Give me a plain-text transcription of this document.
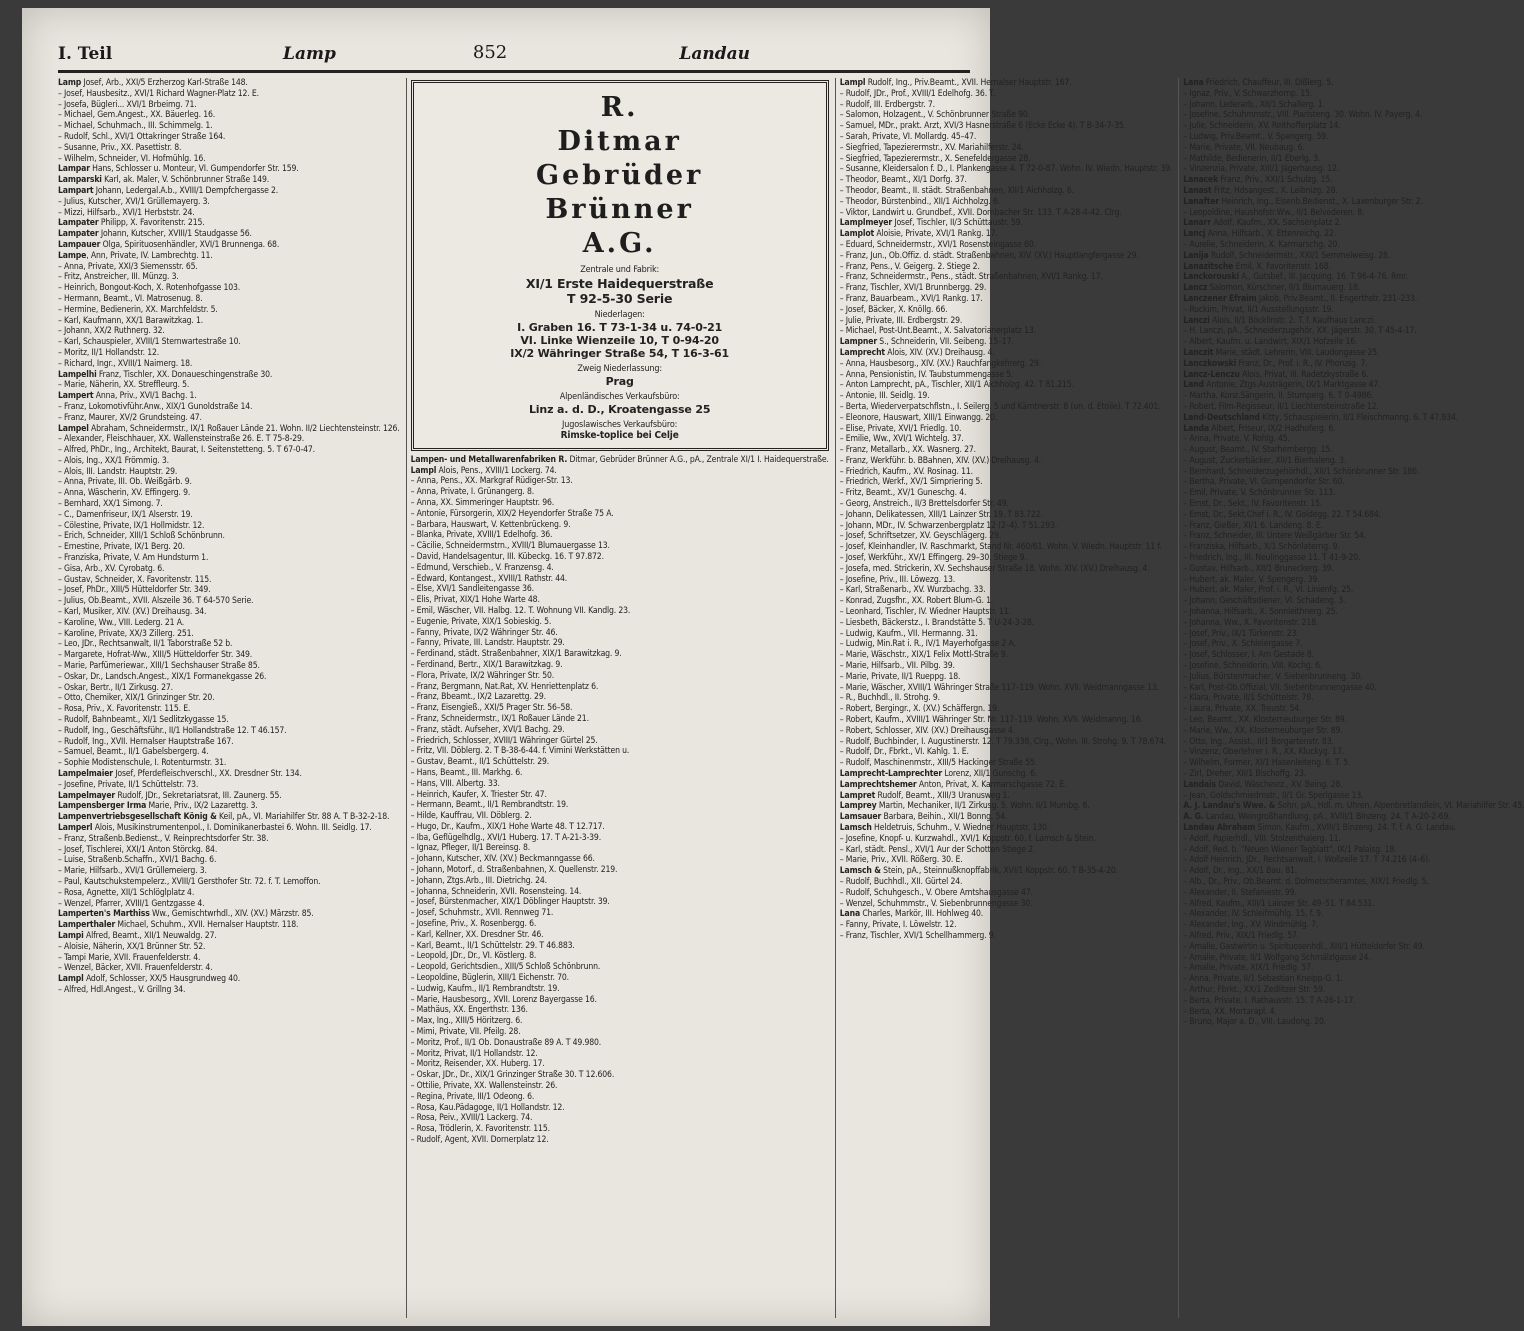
I. Teil	Lamp	852	Landau

Lamp Josef, Arb., XXI/5 Erzherzog Karl-Straße 148.

– Josef, Hausbesitz., XVI/1 Richard Wagner-Platz 12. E.

– Josefa, Bügleri... XVI/1 Brbeimg. 71.

– Michael, Gem.Angest., XX. Bäuerleg. 16.

– Michael, Schuhmach., III. Schimmelg. 1.

– Rudolf, Schl., XVI/1 Ottakringer Straße 164.

– Susanne, Priv., XX. Pasettistr. 8.

– Wilhelm, Schneider, VI. Hofmühlg. 16.

Lampar Hans, Schlosser u. Monteur, VI. Gumpendorfer Str. 159.

Lamparski Karl, ak. Maler, V. Schönbrunner Straße 149.

Lampart Johann, Ledergal.A.b., XVIII/1 Dempfchergasse 2.

– Julius, Kutscher, XVI/1 Grüllemayerg. 3.

– Mizzi, Hilfsarb., XVI/1 Herbststr. 24.

Lampater Philipp, X. Favoritenstr. 215.

Lampater Johann, Kutscher, XVIII/1 Staudgasse 56.

Lampauer Olga, Spirituosenhändler, XVI/1 Brunnenga. 68.

Lampe, Ann, Private, IV. Lambrechtg. 11.

– Anna, Private, XXI/3 Siemensstr. 65.

– Fritz, Anstreicher, III. Münzg. 3.

– Heinrich, Bongout-Koch, X. Rotenhofgasse 103.

– Hermann, Beamt., VI. Matrosenug. 8.

– Hermine, Bedienerin, XX. Marchfeldstr. 5.

– Karl, Kaufmann, XX/1 Barawitzkag. 1.

– Johann, XX/2 Ruthnerg. 32.

– Karl, Schauspieler, XVIII/1 Sternwartestraße 10.

– Moritz, II/1 Hollandstr. 12.

– Richard, Ingr., XVIII/1 Naimerg. 18.

Lampelhi Franz, Tischler, XX. Donaueschingenstraße 30.

– Marie, Näherin, XX. Streffleurg. 5.

Lampert Anna, Priv., XVI/1 Bachg. 1.

– Franz, Lokomotivführ.Anw., XIX/1 Gunoldstraße 14.

– Franz, Maurer, XV/2 Grundsteing. 47.

Lampel Abraham, Schneidermstr., IX/1 Roßauer Lände 21. Wohn. II/2 Liechtensteinstr. 126.

– Alexander, Fleischhauer, XX. Wallensteinstraße 26. E. T 75-8-29.

– Alfred, PhDr., Ing., Architekt, Baurat, I. Seitenstetteng. 5. T 67-0-47.

– Alois, Ing., XX/1 Frömmig. 3.

– Alois, III. Landstr. Hauptstr. 29.

– Anna, Private, III. Ob. Weißgärb. 9.

– Anna, Wäscherin, XV. Effingerg. 9.

– Bernhard, XX/1 Simong. 7.

– C., Damenfriseur, IX/1 Alserstr. 19.

– Cölestine, Private, IX/1 Hollmidstr. 12.

– Erich, Schneider, XIII/1 Schloß Schönbrunn.

– Ernestine, Private, IX/1 Berg. 20.

– Franziska, Private, V. Am Hundsturm 1.

– Gisa, Arb., XV. Cyrobatg. 6.

– Gustav, Schneider, X. Favoritenstr. 115.

– Josef, PhDr., XIII/5 Hütteldorfer Str. 349.

– Julius, Ob.Beamt., XVII. Alszeile 36. T 64-570 Serie.

– Karl, Musiker, XIV. (XV.) Dreihausg. 34.

– Karoline, Ww., VIII. Lederg. 21 A.

– Karoline, Private, XX/3 Zillerg. 251.

– Leo, JDr., Rechtsanwalt, II/1 Taborstraße 52 b.

– Margarete, Hofrat-Ww., XIII/5 Hütteldorfer Str. 349.

– Marie, Parfümeriewar., XIII/1 Sechshauser Straße 85.

– Oskar, Dr., Landsch.Angest., XIX/1 Formanekgasse 26.

– Oskar, Bertr., II/1 Zirkusg. 27.

– Otto, Chemiker, XIX/1 Grinzinger Str. 20.

– Rosa, Priv., X. Favoritenstr. 115. E.

– Rudolf, Bahnbeamt., XI/1 Sedlitzkygasse 15.

– Rudolf, Ing., Geschäftsführ., II/1 Hollandstraße 12. T 46.157.

– Rudolf, Ing., XVII. Hernalser Hauptstraße 167.

– Samuel, Beamt., II/1 Gabelsbergerg. 4.

– Sophie Modistenschule, I. Rotenturmstr. 31.

Lampelmaier Josef, Pferdefleischverschl., XX. Dresdner Str. 134.

– Josefine, Private, II/1 Schüttelstr. 73.

Lampelmayer Rudolf, JDr., Sekretariatsrat, III. Zaunerg. 55.

Lampensberger Irma Marie, Priv., IX/2 Lazarettg. 3.

Lampenvertriebsgesellschaft König & Keil, pA., VI. Mariahilfer Str. 88 A. T B-32-2-18.

Lamperl Alois, Musikinstrumentenpol., I. Dominikanerbastei 6. Wohn. III. Seidlg. 17.

– Franz, Straßenb.Bedienst., V. Reinprechtsdorfer Str. 38.

– Josef, Tischlerei, XXI/1 Anton Störckg. 84.

– Luise, Straßenb.Schaffn., XVI/1 Bachg. 6.

– Marie, Hilfsarb., XVI/1 Grüllemeierg. 3.

– Paul, Kautschukstempelerz., XVIII/1 Gersthofer Str. 72. f. T. Lemoffon.

– Rosa, Agnette, XII/1 Schlöglplatz 4.

– Wenzel, Pfarrer, XVIII/1 Gentzgasse 4.

Lamperten's Marthiss Ww., Gemischtwrhdl., XIV. (XV.) Märzstr. 85.

Lamperthaler Michael, Schuhm., XVII. Hernalser Hauptstr. 118.

Lampi Alfred, Beamt., XII/1 Neuwaldg. 27.

– Aloisie, Näherin, XX/1 Brünner Str. 52.

– Tampi Marie, XVII. Frauenfelderstr. 4.

– Wenzel, Bäcker, XVII. Frauenfelderstr. 4.

Lampl Adolf, Schlosser, XX/5 Hausgrundweg 40.

– Alfred, Hdl.Angest., V. Grillng 34.

R.
Ditmar
Gebrüder
Brünner
A.G.
Zentrale und Fabrik:
XI/1 Erste Haidequerstraße
T 92-5-30 Serie
Niederlagen:
I. Graben 16. T 73-1-34 u. 74-0-21
VI. Linke Wienzeile 10, T 0-94-20
IX/2 Währinger Straße 54, T 16-3-61
Zweig Niederlassung:
Prag
Alpenländisches Verkaufsbüro:
Linz a. d. D., Kroatengasse 25
Jugoslawisches Verkaufsbüro:
Rimske-toplice bei Celje

Lampen- und Metallwarenfabriken R. Ditmar, Gebrüder Brünner A.G., pA., Zentrale XI/1 I. Haidequerstraße.

Lampl Alois, Pens., XVIII/1 Lockerg. 74.

– Anna, Pens., XX. Markgraf Rüdiger-Str. 13.

– Anna, Private, I. Grünangerg. 8.

– Anna, XX. Simmeringer Hauptstr. 96.

– Antonie, Fürsorgerin, XIX/2 Heyendorfer Straße 75 A.

– Barbara, Hauswart, V. Kettenbrückeng. 9.

– Blanka, Private, XVIII/1 Edelhofg. 36.

– Cäcilie, Schneidermstrn., XVIII/1 Blumauergasse 13.

– David, Handelsagentur, III. Kübeckg. 16. T 97.872.

– Edmund, Verschieb., V. Franzensg. 4.

– Edward, Kontangest., XVIII/1 Rathstr. 44.

– Else, XVI/1 Sandleitengasse 36.

– Elis, Privat, XIX/1 Hohe Warte 48.

– Emil, Wäscher, VII. Halbg. 12. T. Wohnung VII. Kandlg. 23.

– Eugenie, Private, XIX/1 Sobieskig. 5.

– Fanny, Private, IX/2 Währinger Str. 46.

– Fanny, Private, III. Landstr. Hauptstr. 29.

– Ferdinand, städt. Straßenbahner, XIX/1 Barawitzkag. 9.

– Ferdinand, Bertr., XIX/1 Barawitzkag. 9.

– Flora, Private, IX/2 Währinger Str. 50.

– Franz, Bergmann, Nat.Rat, XV. Henriettenplatz 6.

– Franz, Bbeamt., IX/2 Lazarettg. 29.

– Franz, Eisengieß., XXI/5 Prager Str. 56–58.

– Franz, Schneidermstr., IX/1 Roßauer Lände 21.

– Franz, städt. Aufseher, XVI/1 Bachg. 29.

– Friedrich, Schlosser, XVIII/1 Währinger Gürtel 25.

– Fritz, VII. Döblerg. 2. T B-38-6-44. f. Vimini Werkstätten u.

– Gustav, Beamt., II/1 Schüttelstr. 29.

– Hans, Beamt., III. Markhg. 6.

– Hans, VIII. Albertg. 33.

– Heinrich, Kaufer, X. Triester Str. 47.

– Hermann, Beamt., II/1 Rembrandtstr. 19.

– Hilde, Kauffrau, VII. Döblerg. 2.

– Hugo, Dr., Kaufm., XIX/1 Hohe Warte 48. T 12.717.

– Iba, Geflügelhdlg., XVI/1 Huberg. 17. T A-21-3-39.

– Ignaz, Pfleger, II/1 Bereinsg. 8.

– Johann, Kutscher, XIV. (XV.) Beckmanngasse 66.

– Johann, Motorf., d. Straßenbahnen, X. Quellenstr. 219.

– Johann, Ztgs.Arb., III. Dietrichg. 24.

– Johanna, Schneiderin, XVII. Rosensteing. 14.

– Josef, Bürstenmacher, XIX/1 Döblinger Hauptstr. 39.

– Josef, Schuhmstr., XVII. Rennweg 71.

– Josefine, Priv., X. Rosenbergg. 6.

– Karl, Kellner, XX. Dresdner Str. 46.

– Karl, Beamt., II/1 Schüttelstr. 29. T 46.883.

– Leopold, JDr., Dr., VI. Köstlerg. 8.

– Leopold, Gerichtsdien., XIII/5 Schloß Schönbrunn.

– Leopoldine, Büglerin, XIII/1 Eichenstr. 70.

– Ludwig, Kaufm., II/1 Rembrandtstr. 19.

– Marie, Hausbesorg., XVII. Lorenz Bayergasse 16.

– Mathäus, XX. Engerthstr. 136.

– Max, Ing., XIII/5 Höritzerg. 6.

– Mimi, Private, VII. Pfeilg. 28.

– Moritz, Prof., II/1 Ob. Donaustraße 89 A. T 49.980.

– Moritz, Privat, II/1 Hollandstr. 12.

– Moritz, Reisender, XX. Huberg. 17.

– Oskar, JDr., Dr., XIX/1 Grinzinger Straße 30. T 12.606.

– Ottilie, Private, XX. Wallensteinstr. 26.

– Regina, Private, III/1 Odeong. 6.

– Rosa, Kau.Pädagoge, II/1 Hollandstr. 12.

– Rosa, Peiv., XVIII/1 Lackerg. 74.

– Rosa, Trödlerin, X. Favoritenstr. 115.

– Rudolf, Agent, XVII. Dornerplatz 12.

Lampl Rudolf, Ing., Priv.Beamt., XVII. Hernalser Hauptstr. 167.

– Rudolf, JDr., Prof., XVIII/1 Edelhofg. 36. T.

– Rudolf, III. Erdbergstr. 7.

– Salomon, Holzagent., V. Schönbrunner Straße 90.

– Samuel, MDr., prakt. Arzt, XVI/3 Hasnerstraße 6 (Ecke Ecke 4). T B-34-7-35.

– Sarah, Private, VI. Mollardg. 45–47.

– Siegfried, Tapezierermstr., XV. Mariahilferstr. 24.

– Siegfried, Tapezierermstr., X. Senefeldergasse 28.

– Susanne, Kleidersalon f. D., I. Plankengasse 4. T 72-0-87. Wohn. IV. Wiedn. Hauptstr. 39.

– Theodor, Beamt., XI/1 Dorfg. 37.

– Theodor, Beamt., II. städt. Straßenbahnen, XII/1 Aichholzg. 6.

– Theodor, Bürstenbind., XII/1 Aichholzg. 6.

– Viktor, Landwirt u. Grundbef., XVII. Dornbacher Str. 133. T A-28-4-42. Clrg.

Lamplmeyer Josef, Tischler, II/3 Schüttaustr. 59.

Lamplot Aloisie, Private, XVI/1 Rankg. 17.

– Eduard, Schneidermstr., XVI/1 Rosensteingasse 60.

– Franz, Jun., Ob.Offiz. d. städt. Straßenbahnen, XIV. (XV.) Hauptlangfergasse 29.

– Franz, Pens., V. Geigerg. 2. Stiege 2.

– Franz, Schneidermstr., Pens., städt. Straßenbahnen, XVI/1 Rankg. 17.

– Franz, Tischler, XVI/1 Brunnbergg. 29.

– Franz, Bauarbeam., XVI/1 Rankg. 17.

– Josef, Bäcker, X. Knöllg. 66.

– Julie, Private, III. Erdbergstr. 29.

– Michael, Post-Unt.Beamt., X. Salvatorianerplatz 13.

Lampner S., Schneiderin, VII. Seibeng. 15–17.

Lamprecht Alois, XIV. (XV.) Dreihausg. 4.

– Anna, Hausbesorg., XIV. (XV.) Rauchfangkehrerg. 29.

– Anna, Pensionistin, IV. Taubstummengasse 5.

– Anton Lamprecht, pA., Tischler, XII/1 Aichholzg. 42. T 81.215.

– Antonie, III. Seidlg. 19.

– Berta, Wiederverpatschflstn., I. Seilerg. 5 und Kärntnerstr. 8 (un. d. Etoile). T 72.401.

– Eleonore, Hauswart, XIII/1 Einwangg. 20.

– Elise, Private, XVI/1 Friedlg. 10.

– Emilie, Ww., XVI/1 Wichtelg. 37.

– Franz, Metallarb., XX. Wasnerg. 27.

– Franz, Werkführ. b. BBahnen, XIV. (XV.) Dreihausg. 4.

– Friedrich, Kaufm., XV. Rosinag. 11.

– Friedrich, Werkf., XV/1 Simpriering 5.

– Fritz, Beamt., XV/1 Guneschg. 4.

– Georg, Anstreich., II/3 Brettelsdorfer Str. 49.

– Johann, Delikatessen, XIII/1 Lainzer Str. 19. T 83.722.

– Johann, MDr., IV. Schwarzenbergplatz 12 (2–4). T 51.293.

– Josef, Schriftsetzer, XV. Geyschlägerg. 29.

– Josef, Kleinhandler, IV. Raschmarkt, Stand Nr. 460/61. Wohn. V. Wiedn. Hauptstr. 11 f.

– Josef, Werkführ., XV/1 Effingerg. 29–30. Stiege 9.

– Josefa, med. Strickerin, XV. Sechshauser Straße 18. Wohn. XIV. (XV.) Dreihausg. 4.

– Josefine, Priv., III. Löwezg. 13.

– Karl, Straßenarb., XV. Wurzbachg. 33.

– Konrad, Zugsfhr., XX. Robert Blum-G. 1.

– Leonhard, Tischler, IV. Wiedner Hauptstr. 11.

– Liesbeth, Bäckerstz., I. Brandstätte 5. T U-24-3-28.

– Ludwig, Kaufm., VII. Hermanng. 31.

– Ludwig, Min.Rat i. R., IV/1 Mayerhofgasse 2 A.

– Marie, Wäschstr., XIX/1 Felix Mottl-Straße 9.

– Marie, Hilfsarb., VII. Pilbg. 39.

– Marie, Private, II/1 Rueppg. 18.

– Marie, Wäscher, XVIII/1 Währinger Straße 117–119. Wohn. XVII. Weidmanngasse 13.

– R., Buchhdl., II. Strohg. 9.

– Robert, Bergingr., X. (XV.) Schäffergn. 19.

– Robert, Kaufm., XVIII/1 Währinger Str. Nr. 117–119. Wohn. XVII. Weidmanng. 16.

– Robert, Schlosser, XIV. (XV.) Dreihausgasse 4.

– Rudolf, Buchbinder, I. Augustinerstr. 12. T 79.338, Clrg., Wohn. III. Strohg. 9. T 78.674.

– Rudolf, Dr., Fbrkt., VI. Kahlg. 1. E.

– Rudolf, Maschinenmstr., XIII/5 Hackinger Straße 55.

Lamprecht-Lamprechter Lorenz, XII/1 Gunschg. 6.

Lamprechtshemer Anton, Privat, X. Karmarschgasse 72. E.

Lampret Rudolf, Beamt., XIII/3 Uranusweg 1.

Lamprey Martin, Mechaniker, II/1 Zirkusg. 5. Wohn. II/1 Mumbg. 6.

Lamsauer Barbara, Beihin., XII/1 Bonng. 54.

Lamsch Heldetruis, Schuhm., V. Wiedner Hauptstr. 130.

– Josefine, Knopf- u. Kurzwahdl., XVI/1 Koppstr. 60. f. Lamsch & Stein.

– Karl, städt. Pensl., XVI/1 Aur der Schotten Stiege 2.

– Marie, Priv., XVII. Rößerg. 30. E.

Lamsch & Stein, pA., Steinnußknopffabrik, XVI/1 Koppstr. 60. T B-35-4-20.

– Rudolf, Buchhdl., XII. Gürtel 24.

– Rudolf, Schuhgesch., V. Obere Amtshausgasse 47.

– Wenzel, Schuhmmstr., V. Siebenbrunnengasse 30.

Lana Charles, Markör, III. Hohlweg 40.

– Fanny, Private, I. Löwelstr. 12.

– Franz, Tischler, XVI/1 Schellhammerg. 9.

Lana Friedrich, Chauffeur, III. Dißlerg. 5.

– Ignaz, Priv., V. Schwarzhornp. 15.

– Johann, Lederarb., XII/1 Schallerg. 1.

– Josefine, Schuhmmstr., VIII. Piaristeng. 30. Wohn. IV. Payerg. 4.

– Julie, Schneiderin, XV. Reithofferplatz 14.

– Ludwig, Priv.Beamt., V. Spengerg. 59.

– Marie, Private, VII. Neubaug. 6.

– Mathilde, Bedienerin, II/1 Eberlg. 3.

– Vinzenzia, Private, XIII/1 Jägerhausg. 12.

Lanacek Franz, Priv., XXI/1 Schulzg. 15.

Lanast Fritz, Hdsangest., X. Leibnizg. 28.

Lanafter Heinrich, Ing., Eisenb.Bedienst., X. Laxenburger Str. 2.

– Leopoldine, Haushofstr.Ww., II/1 Belvederen. 8.

Lanarr Adolf, Kaufm., XX. Sachsenplatz 2.

Lancj Anna, Hilfsarb., X. Ettenreichg. 22.

– Aurelie, Schneiderin, X. Karmarschg. 20.

Lanija Rudolf, Schneidermstr., XXI/1 Semmelweisg. 28.

Lanazitsche Emil, X. Favoritenstr. 168.

Lanckorouski A., Gutsbef., III. Jacquing. 16. T 96-4-76. Rmr.

Lancz Salomon, Kürschner, II/1 Blumauerg. 18.

Lanczener Efraim Jakob, Priv.Beamt., II. Engerthstr. 231–233.

– Ruckim, Privat, II/1 Ausstellungsstr. 19.

Lanczi Alois, II/1 Böcklinstr. 2. T. f. Kaufhaus Lanczi.

– H. Lanczi, pA., Schneiderzugehör, XX. Jägerstr. 30. T 45-4-17.

– Albert, Kaufm. u. Landwirt, XIX/1 Hofzeile 16.

Lanczit Marie, städt. Lehrerin, VIII. Laudongasse 25.

Lanczkowski Franz, Dr., Prof. i. R., IV. Phorusg. 7.

Lancz-Lenczu Alois, Privat, III. Radetzkystraße 6.

Land Antonie, Ztgs.Austrägerin, IX/1 Marktgasse 47.

– Martha, Konz.Sängerin, II. Stumperg. 6. T 0-4986.

– Robert, Film-Regisseur, II/1 Liechtensteinstraße 12.

Land-Deutschland Kitty, Schauspielerin, II/1 Fleischmanng. 6. T 47.934.

Landa Albert, Friseur, IX/2 Hadhoferg. 6.

– Anna, Private, V. Rohlg. 45.

– August, Beamt., IV. Starhembergg. 15.

– August, Zuckerbäcker, XII/1 Bierhaleng. 3.

– Bernhard, Schneiderzugehörhdl., XII/1 Schönbrunner Str. 186.

– Bertha, Private, VI. Gumpendorfer Str. 60.

– Emil, Private, V. Schönbrunner Str. 113.

– Ernst, Dr., Sekt., IV. Favoritenstr. 15.

– Ernst, Dr., Sekt.Chef i. R., IV. Goldegg. 22. T 54.684.

– Franz, Gießer, XI/1 6. Landeng. 8. E.

– Franz, Schneider, III. Untere Weißgärber Str. 54.

– Franziska, Hilfsarb., X/1 Schönlaterng. 9.

– Friedrich, Ing., III. Neulinggasse 11. T 41-9-20.

– Gustav, Hilfsarb., XII/1 Bruneckerg. 39.

– Hubert, ak. Maler, V. Spengerg. 39.

– Hubert, ak. Maler, Prof. i. R., VI. Linienfg. 25.

– Johann, Geschäftsdiener, VI. Schadeng. 3.

– Johanna, Hilfsarb., X. Sonnleithnerg. 25.

– Johanna, Ww., X. Favoritenstr. 218.

– Josef, Priv., IX/1 Türkenstr. 23.

– Josef, Priv., X. Schleiergasse 7.

– Josef, Schlosser, I. Am Gestade 8.

– Josefine, Schneiderin, VIII. Kochg. 6.

– Julius, Bürstenmacher, V. Siebenbrunneng. 30.

– Karl, Post-Ob.Offizial, VII. Siebenbrunnengasse 40.

– Klara, Private, II/1 Schüttelstr. 78.

– Laura, Private, XX. Treustr. 54.

– Leo, Beamt., XX. Klosterneuburger Str. 89.

– Marie, Ww., XX. Klosterneuburger Str. 89.

– Otto, Ing., Assist., II/1 Borgartenstr. 83.

– Vinzenz, Oberlehrer i. R., XX. Kluckyg. 17.

– Wilhelm, Former, XI/1 Hasenleiteng. 6. T. 5.

– Zirl, Dreher, XII/1 Bischoffg. 23.

Landais David, Wäschesrz., XV. Being. 28.

– Jean, Goldschmiedmstr., II/1 Gr. Sperlgasse 13.

A. J. Landau's Wwe. & Sohn, pA., Hdl. m. Uhren, Alpenbretlandlein, VI. Mariahilfer Str. 45.

A. G. Landau, Weingroßhandlung, pA., XVIII/1 Binzeng. 24. T A-20-2-69.

Landau Abraham Simon, Kaufm., XVIII/1 Binzeng. 24. T. f. A. G. Landau.

– Adolf, Papierhdl., VIII. Stolzenthalerg. 11.

– Adolf, Red. b. "Neuen Wiener Tagblatt", IX/1 Palaisg. 18.

– Adolf Heinrich, JDr., Rechtsanwalt, I. Wollzeile 17. T 74.216 (4–6).

– Adolf, Dr., Ing., XX/1 Bau. 81.

– Alb., Dr., Priv., Ob.Beamt. d. Dolmetscheramtes, XIX/1 Friedlg. 5.

– Alexander, II. Stefaniestr. 99.

– Alfred, Kaufm., XIII/1 Lainzer Str. 49–51. T 84.531.

– Alexander, IV. Schleifmühlg. 15, f. 9.

– Alexander, Ing., XV. Windmühlg. 7.

– Alfred, Priv., XIX/1 Friedlg. 57.

– Amalie, Gastwirtin u. Spirituosenhdl., XIII/1 Hütteldorfer Str. 49.

– Amalie, Private, II/1 Wolfgang Schmälzlgasse 24.

– Amalie, Private, XIX/1 Friedlg. 57.

– Anna, Private, II/1 Sebastian Kneipp-G. 1.

– Arthur, Fbrkt., XX/1 Zedlitzer Str. 59.

– Berta, Private, I. Rathausstr. 15. T A-26-1-17.

– Berta, XX. Mortarapl. 4.

– Bruno, Major a. D., VIII. Laudong. 20.
